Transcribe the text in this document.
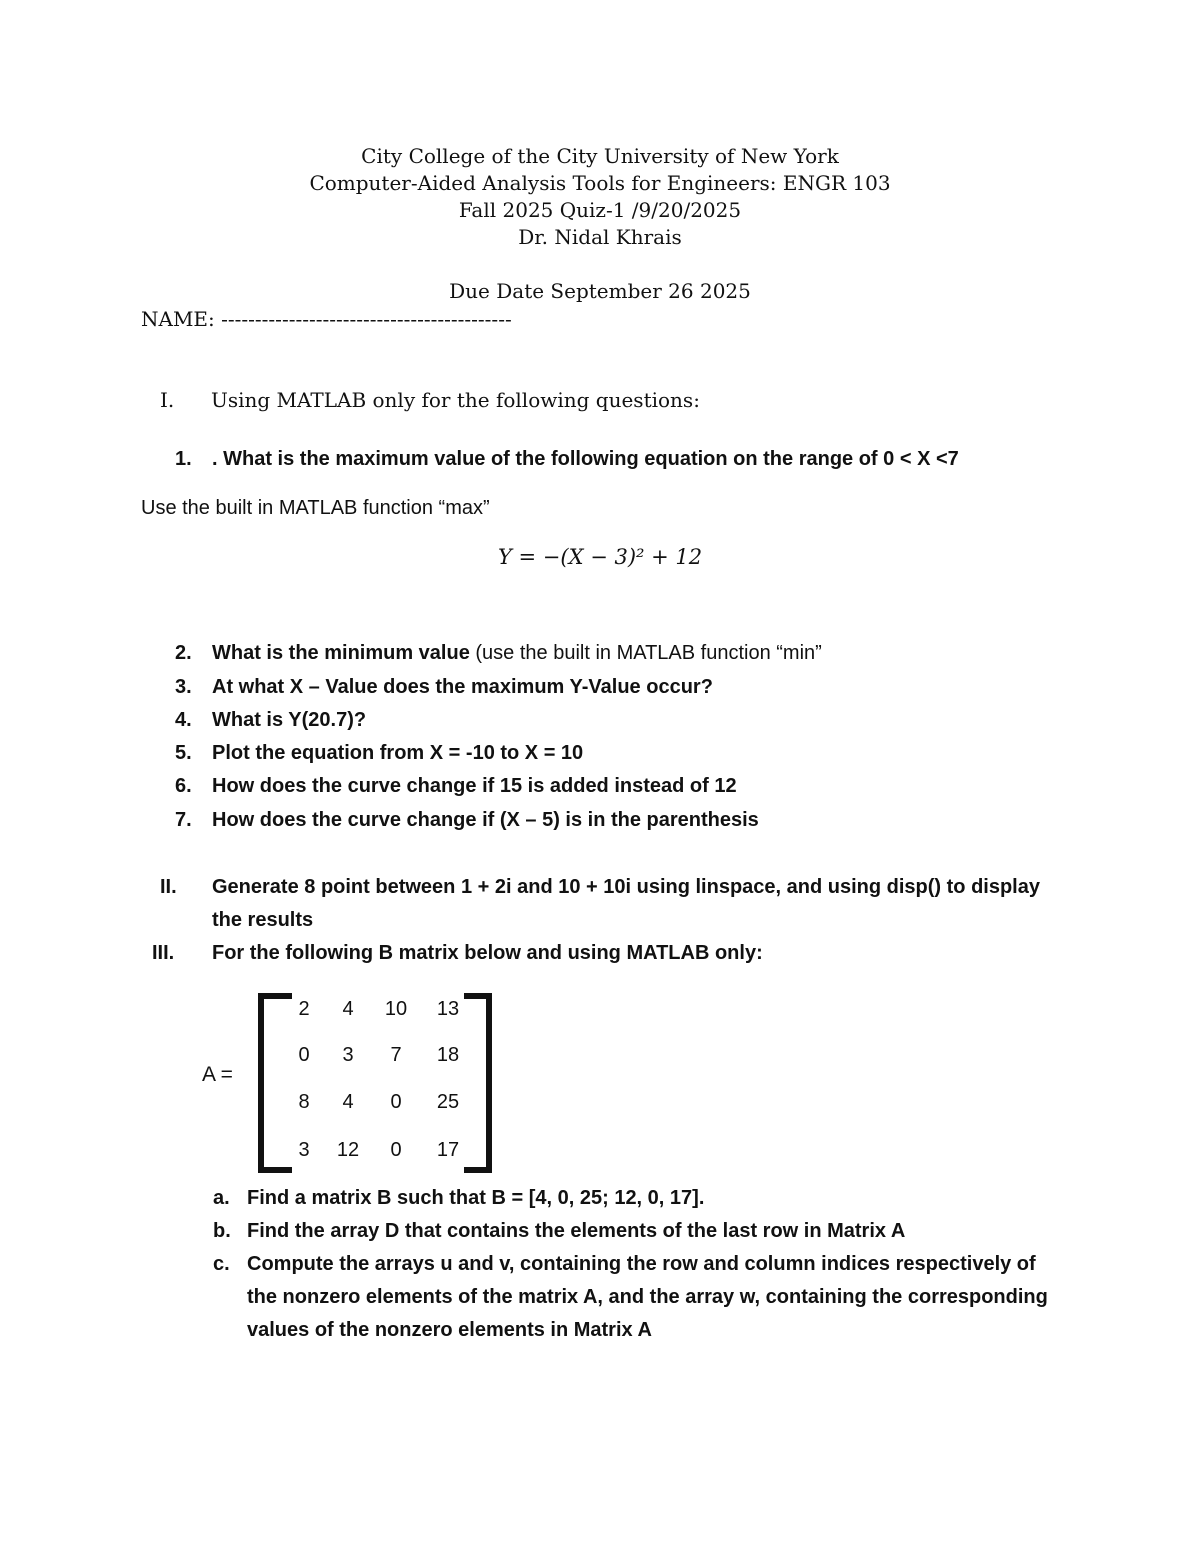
City College of the City University of New York
Computer-Aided Analysis Tools for Engineers: ENGR 103
Fall 2025 Quiz-1 /9/20/2025
Dr. Nidal Khrais
Due Date September 26 2025
NAME: -------------------------------------------
I. Using MATLAB only for the following questions:
1. . What is the maximum value of the following equation on the range of 0 < X <7
Use the built in MATLAB function “max”
Y = −(X − 3)² + 12
2. What is the minimum value (use the built in MATLAB function “min”
3. At what X – Value does the maximum Y-Value occur?
4. What is Y(20.7)?
5. Plot the equation from X = -10 to X = 10
6. How does the curve change if 15 is added instead of 12
7. How does the curve change if (X – 5) is in the parenthesis
II. Generate 8 point between 1 + 2i and 10 + 10i using linspace, and using disp() to display
the results
III. For the following B matrix below and using MATLAB only:
A =
2	4	10	13
0	3	7	18
8	4	0	25
3	12	0	17
a. Find a matrix B such that B = [4, 0, 25; 12, 0, 17].
b. Find the array D that contains the elements of the last row in Matrix A
c. Compute the arrays u and v, containing the row and column indices respectively of
the nonzero elements of the matrix A, and the array w, containing the corresponding
values of the nonzero elements in Matrix A
